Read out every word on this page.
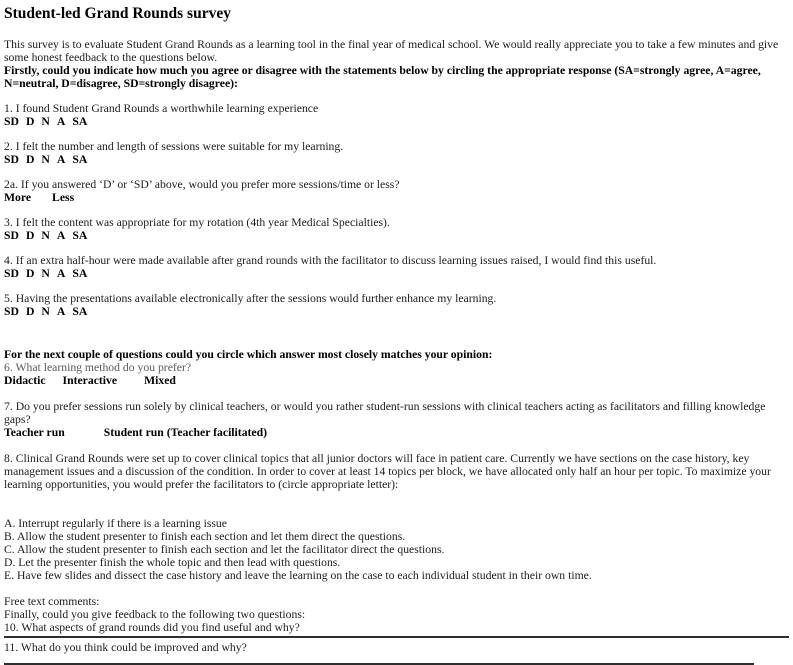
Student-led Grand Rounds survey

This survey is to evaluate Student Grand Rounds as a learning tool in the final year of medical school. We would really appreciate you to take a few minutes and give some honest feedback to the questions below.

Firstly, could you indicate how much you agree or disagree with the statements below by circling the appropriate response (SA=strongly agree, A=agree, N=neutral, D=disagree, SD=strongly disagree):

1. I found Student Grand Rounds a worthwhile learning experience
SD D N A SA
2. I felt the number and length of sessions were suitable for my learning.
SD D N A SA
2a. If you answered ‘D’ or ‘SD’ above, would you prefer more sessions/time or less?
More Less
3. I felt the content was appropriate for my rotation (4th year Medical Specialties).
SD D N A SA
4. If an extra half-hour were made available after grand rounds with the facilitator to discuss learning issues raised, I would find this useful.
SD D N A SA
5. Having the presentations available electronically after the sessions would further enhance my learning.
SD D N A SA
For the next couple of questions could you circle which answer most closely matches your opinion:
6. What learning method do you prefer?
Didactic Interactive Mixed
7. Do you prefer sessions run solely by clinical teachers, or would you rather student-run sessions with clinical teachers acting as facilitators and filling knowledge gaps?
Teacher run	Student run (Teacher facilitated)

8. Clinical Grand Rounds were set up to cover clinical topics that all junior doctors will face in patient care. Currently we have sections on the case history, key management issues and a discussion of the condition. In order to cover at least 14 topics per block, we have allocated only half an hour per topic. To maximize your learning opportunities, you would prefer the facilitators to (circle appropriate letter):

A. Interrupt regularly if there is a learning issue

B. Allow the student presenter to finish each section and let them direct the questions.

C. Allow the student presenter to finish each section and let the facilitator direct the questions.

D. Let the presenter finish the whole topic and then lead with questions.

E. Have few slides and dissect the case history and leave the learning on the case to each individual student in their own time.

Free text comments:
Finally, could you give feedback to the following two questions:
10. What aspects of grand rounds did you find useful and why?
11. What do you think could be improved and why?
